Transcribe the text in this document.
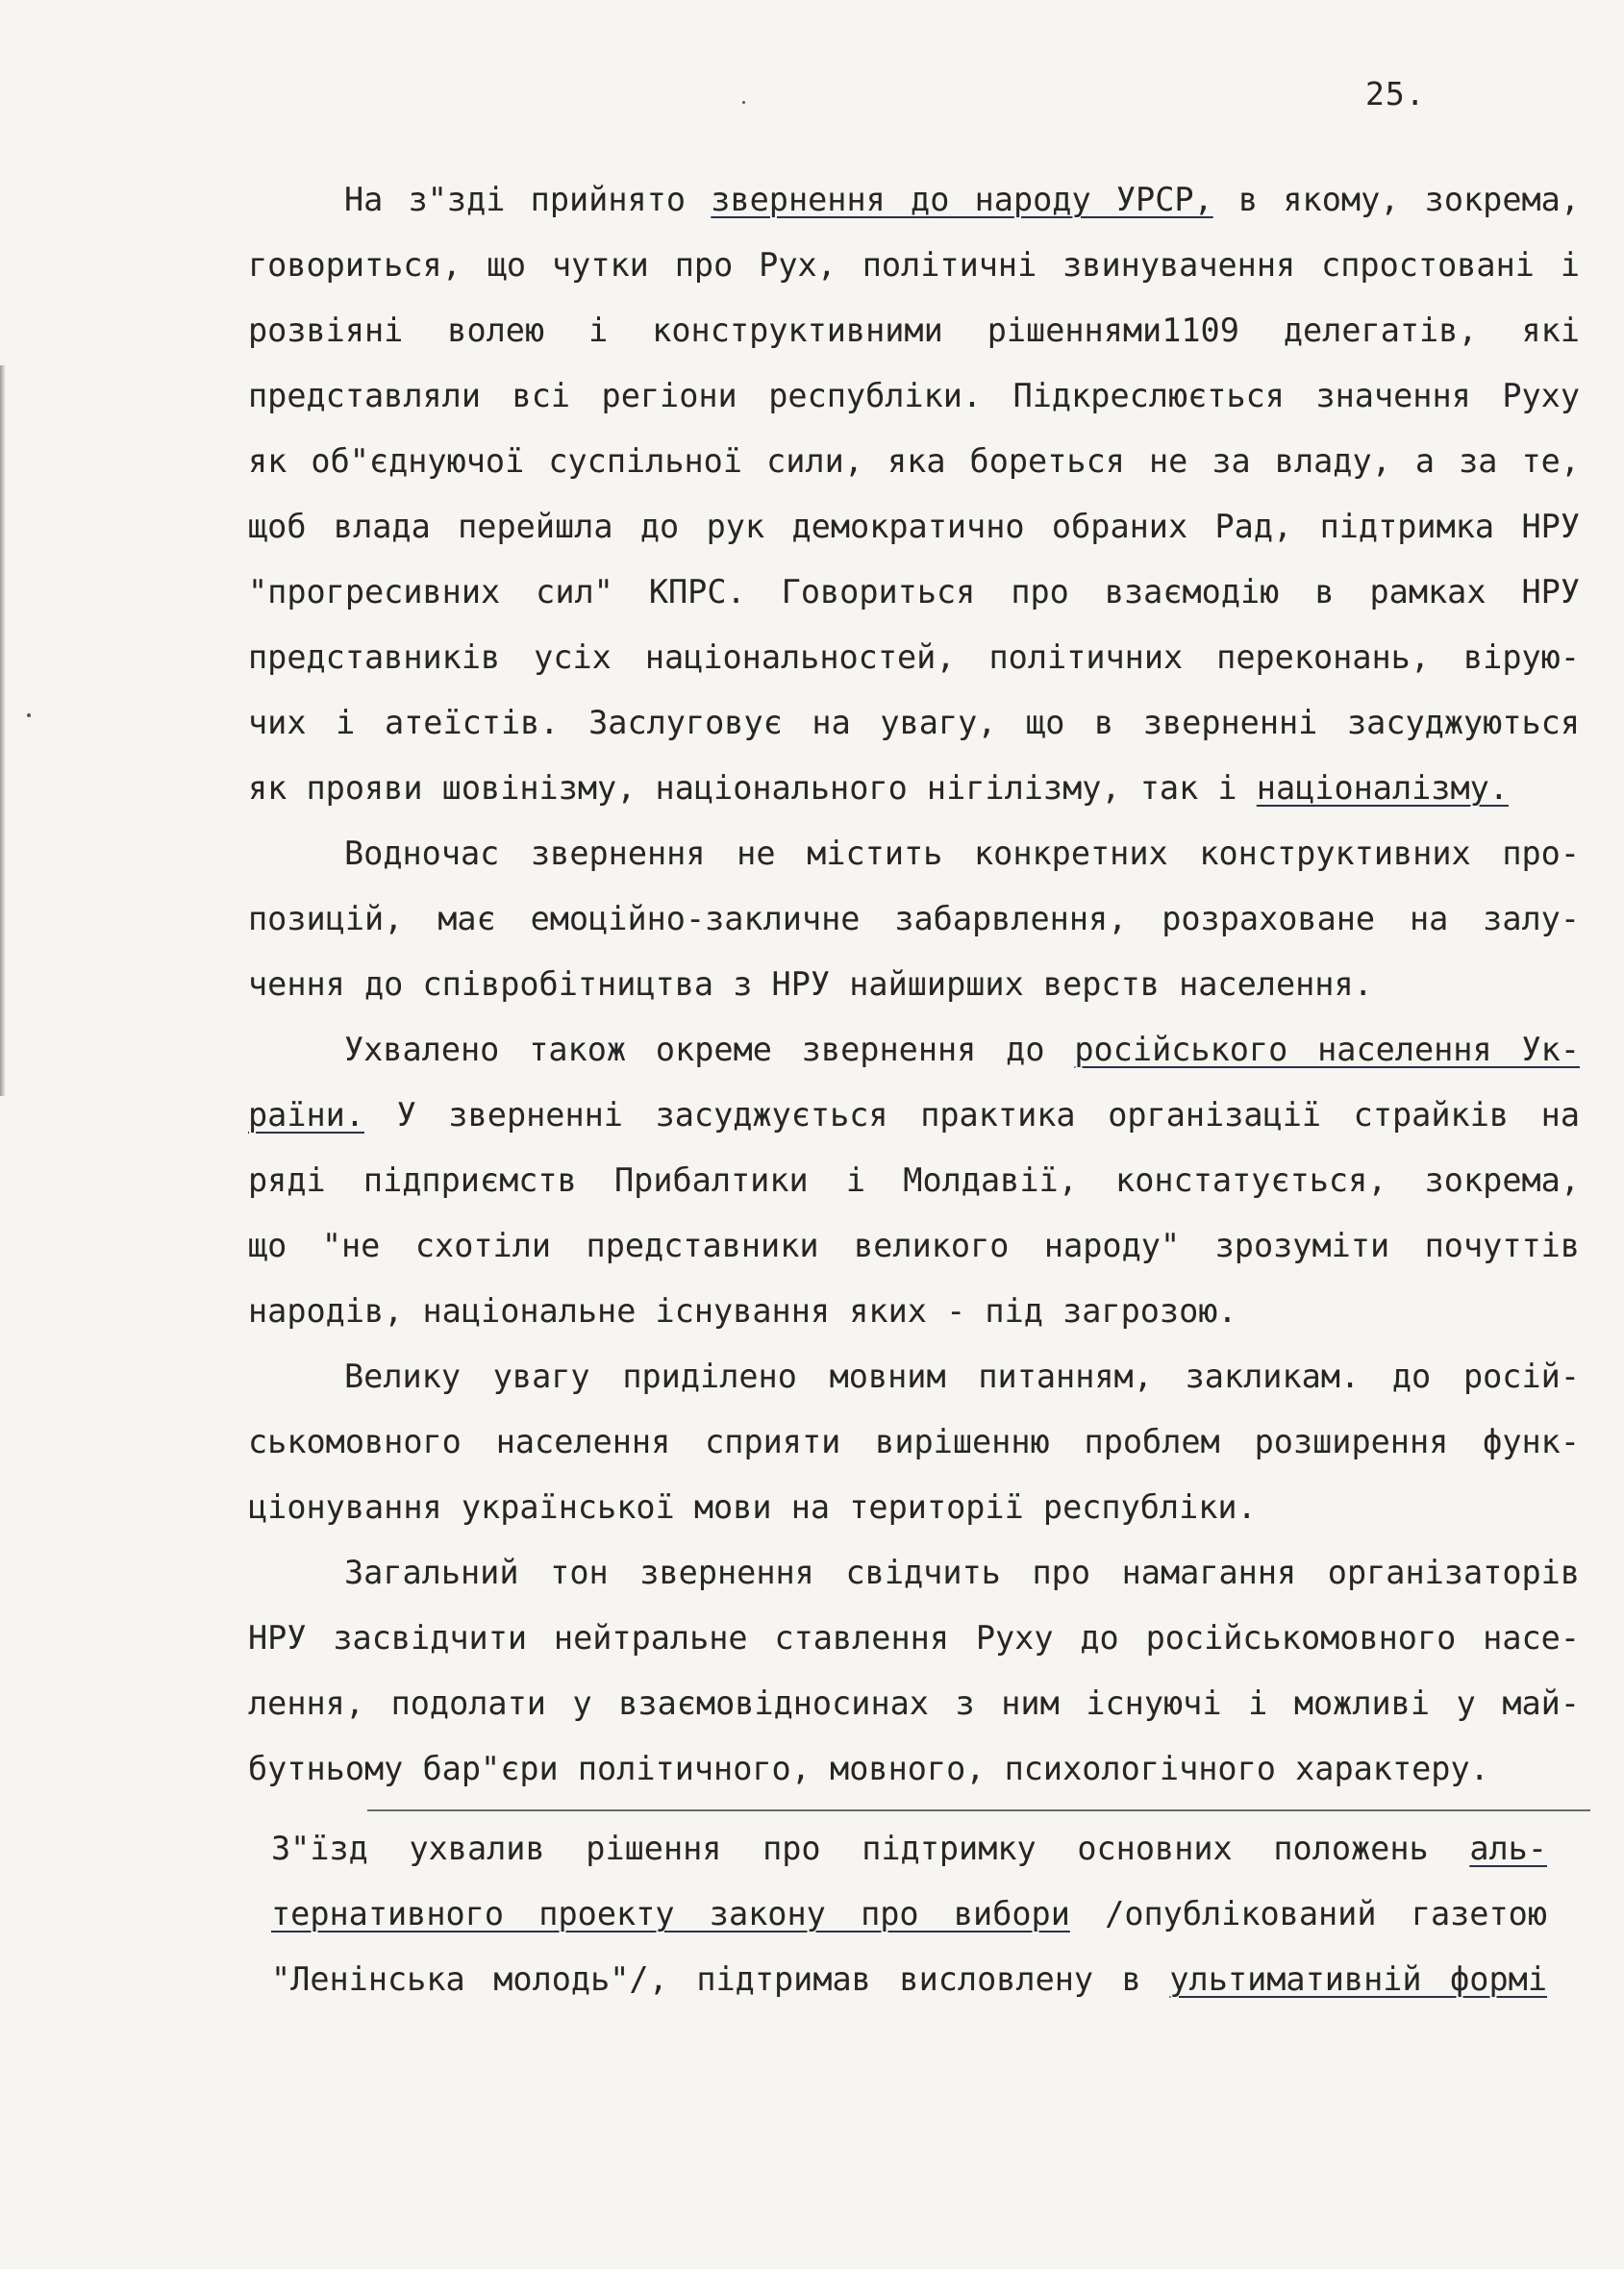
25.
На з"зді прийнято звернення до народу УРСР, в якому, зокрема,
говориться, що чутки про Рух, політичні звинувачення спростовані і
розвіяні волею і конструктивними рішеннями1109 делегатів, які
представляли всі регіони республіки. Підкреслюється значення Руху
як об"єднуючої суспільної сили, яка бореться не за владу, а за те,
щоб влада перейшла до рук демократично обраних Рад, підтримка НРУ
"прогресивних сил" КПРС. Говориться про взаємодію в рамках НРУ
представників усіх національностей, політичних переконань, вірую-
чих і атеїстів. Заслуговує на увагу, що в зверненні засуджуються
як прояви шовінізму, національного нігілізму, так і націоналізму.
Водночас звернення не містить конкретних конструктивних про-
позицій, має емоційно-закличне забарвлення, розраховане на залу-
чення до співробітництва з НРУ найширших верств населення.
Ухвалено також окреме звернення до російського населення Ук-
раїни. У зверненні засуджується практика організації страйків на
ряді підприємств Прибалтики і Молдавії, констатується, зокрема,
що "не схотіли представники великого народу" зрозуміти почуттів
народів, національне існування яких - під загрозою.
Велику увагу приділено мовним питанням, закликам. до росій-
ськомовного населення сприяти вирішенню проблем розширення функ-
ціонування української мови на території республіки.
Загальний тон звернення свідчить про намагання організаторів
НРУ засвідчити нейтральне ставлення Руху до російськомовного насе-
лення, подолати у взаємовідносинах з ним існуючі і можливі у май-
бутньому бар"єри політичного, мовного, психологічного характеру.
З"їзд ухвалив рішення про підтримку основних положень аль-
тернативного проекту закону про вибори /опублікований газетою
"Ленінська молодь"/, підтримав висловлену в ультимативній формі
